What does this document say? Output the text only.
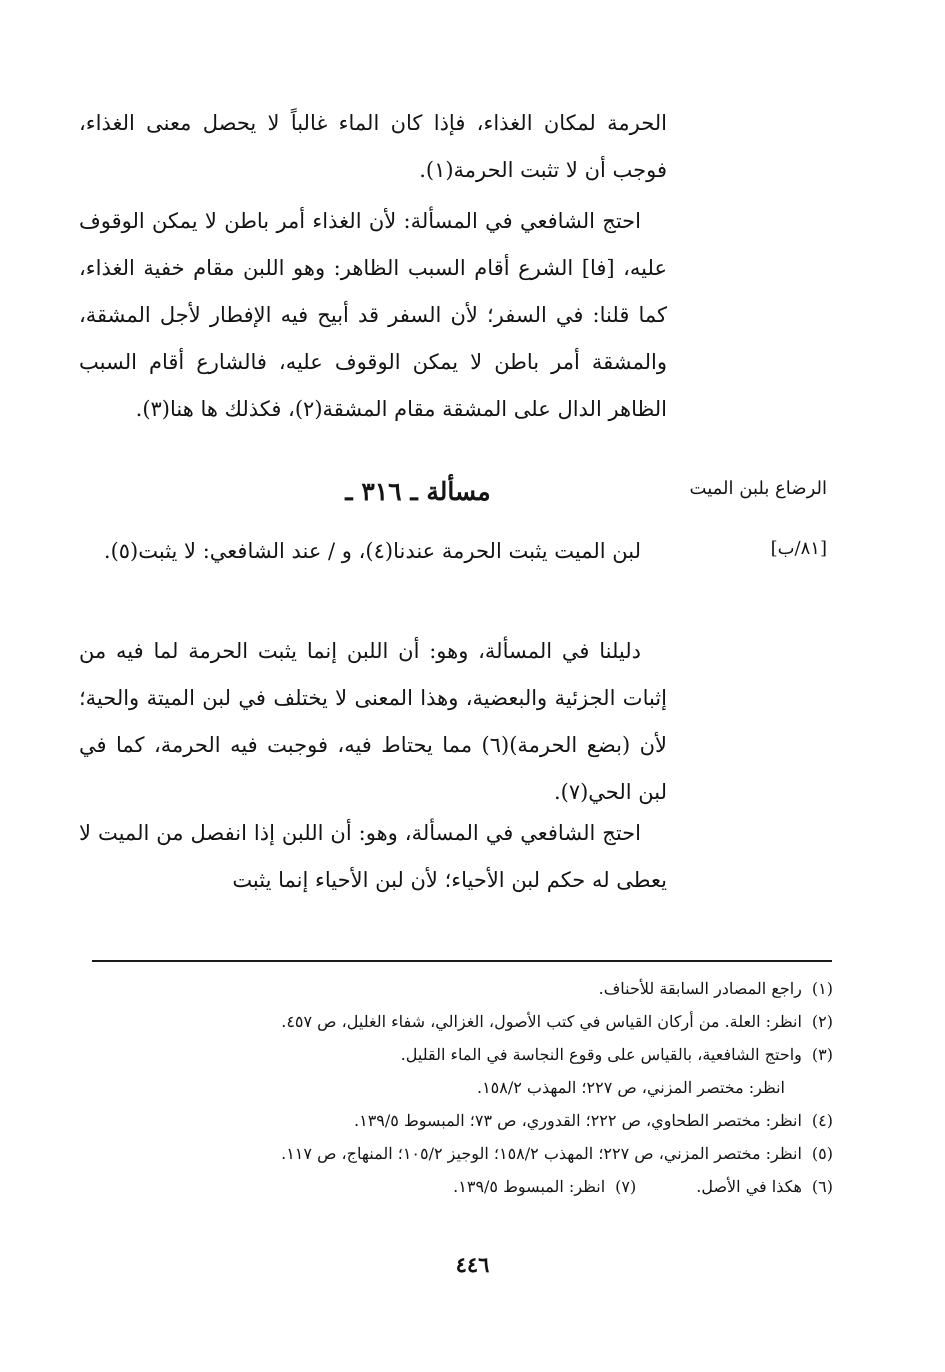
الحرمة لمكان الغذاء، فإذا كان الماء غالباً لا يحصل معنى الغذاء، فوجب أن لا تثبت الحرمة(١).

احتج الشافعي في المسألة: لأن الغذاء أمر باطن لا يمكن الوقوف عليه، [فا] الشرع أقام السبب الظاهر: وهو اللبن مقام خفية الغذاء، كما قلنا: في السفر؛ لأن السفر قد أبيح فيه الإفطار لأجل المشقة، والمشقة أمر باطن لا يمكن الوقوف عليه، فالشارع أقام السبب الظاهر الدال على المشقة مقام المشقة(٢)، فكذلك ها هنا(٣).

الرضاع بلبن الميت
مسألة ـ ٣١٦ ـ
[٨١/ب]

لبن الميت يثبت الحرمة عندنا(٤)، و / عند الشافعي: لا يثبت(٥).

دليلنا في المسألة، وهو: أن اللبن إنما يثبت الحرمة لما فيه من إثبات الجزئية والبعضية، وهذا المعنى لا يختلف في لبن الميتة والحية؛ لأن (بضع الحرمة)(٦) مما يحتاط فيه، فوجبت فيه الحرمة، كما في لبن الحي(٧).

احتج الشافعي في المسألة، وهو: أن اللبن إذا انفصل من الميت لا يعطى له حكم لبن الأحياء؛ لأن لبن الأحياء إنما يثبت

(١)راجع المصادر السابقة للأحناف.
(٢)انظر: العلة. من أركان القياس في كتب الأصول، الغزالي، شفاء الغليل، ص ٤٥٧.
(٣)واحتج الشافعية، بالقياس على وقوع النجاسة في الماء القليل.
انظر: مختصر المزني، ص ٢٢٧؛ المهذب ١٥٨/٢.
(٤)انظر: مختصر الطحاوي، ص ٢٢٢؛ القدوري، ص ٧٣؛ المبسوط ١٣٩/٥.
(٥)انظر: مختصر المزني، ص ٢٢٧؛ المهذب ١٥٨/٢؛ الوجيز ١٠٥/٢؛ المنهاج، ص ١١٧.
(٦)هكذا في الأصل.
(٧)انظر: المبسوط ١٣٩/٥.
٤٤٦
